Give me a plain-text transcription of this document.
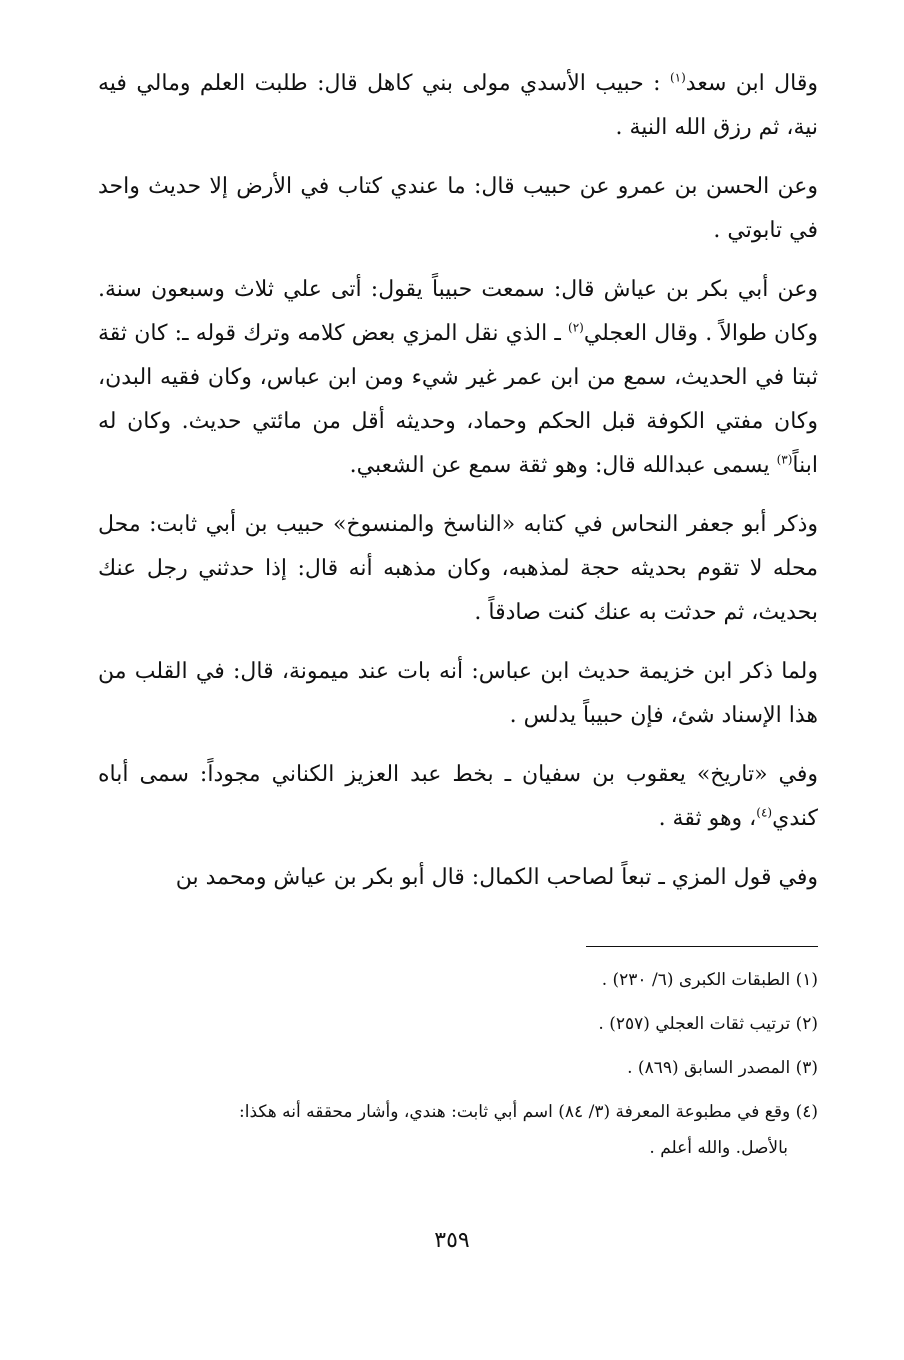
وقال ابن سعد$^{(١)}$ : حبيب الأسدي مولى بني كاهل قال: طلبت العلم ومالي فيه نية، ثم رزق الله النية .

وعن الحسن بن عمرو عن حبيب قال: ما عندي كتاب في الأرض إلا حديث واحد في تابوتي .

وعن أبي بكر بن عياش قال: سمعت حبيباً يقول: أتى علي ثلاث وسبعون سنة. وكان طوالاً . وقال العجلي$^{(٢)}$ ـ الذي نقل المزي بعض كلامه وترك قوله ـ: كان ثقة ثبتا في الحديث، سمع من ابن عمر غير شيء ومن ابن عباس، وكان فقيه البدن، وكان مفتي الكوفة قبل الحكم وحماد، وحديثه أقل من مائتي حديث. وكان له ابناً$^{(٣)}$ يسمى عبدالله قال: وهو ثقة سمع عن الشعبي.

وذكر أبو جعفر النحاس في كتابه «الناسخ والمنسوخ» حبيب بن أبي ثابت: محل محله لا تقوم بحديثه حجة لمذهبه، وكان مذهبه أنه قال: إذا حدثني رجل عنك بحديث، ثم حدثت به عنك كنت صادقاً .

ولما ذكر ابن خزيمة حديث ابن عباس: أنه بات عند ميمونة، قال: في القلب من هذا الإسناد شئ، فإن حبيباً يدلس .

وفي «تاريخ» يعقوب بن سفيان ـ بخط عبد العزيز الكناني مجوداً: سمى أباه كندي$^{(٤)}$، وهو ثقة .

وفي قول المزي ـ تبعاً لصاحب الكمال: قال أبو بكر بن عياش ومحمد بن

(١) الطبقات الكبرى (٦/ ٢٣٠) .
(٢) ترتيب ثقات العجلي (٢٥٧) .
(٣) المصدر السابق (٨٦٩) .
(٤) وقع في مطبوعة المعرفة (٣/ ٨٤) اسم أبي ثابت: هندي، وأشار محققه أنه هكذا:
بالأصل. والله أعلم .
٣٥٩
